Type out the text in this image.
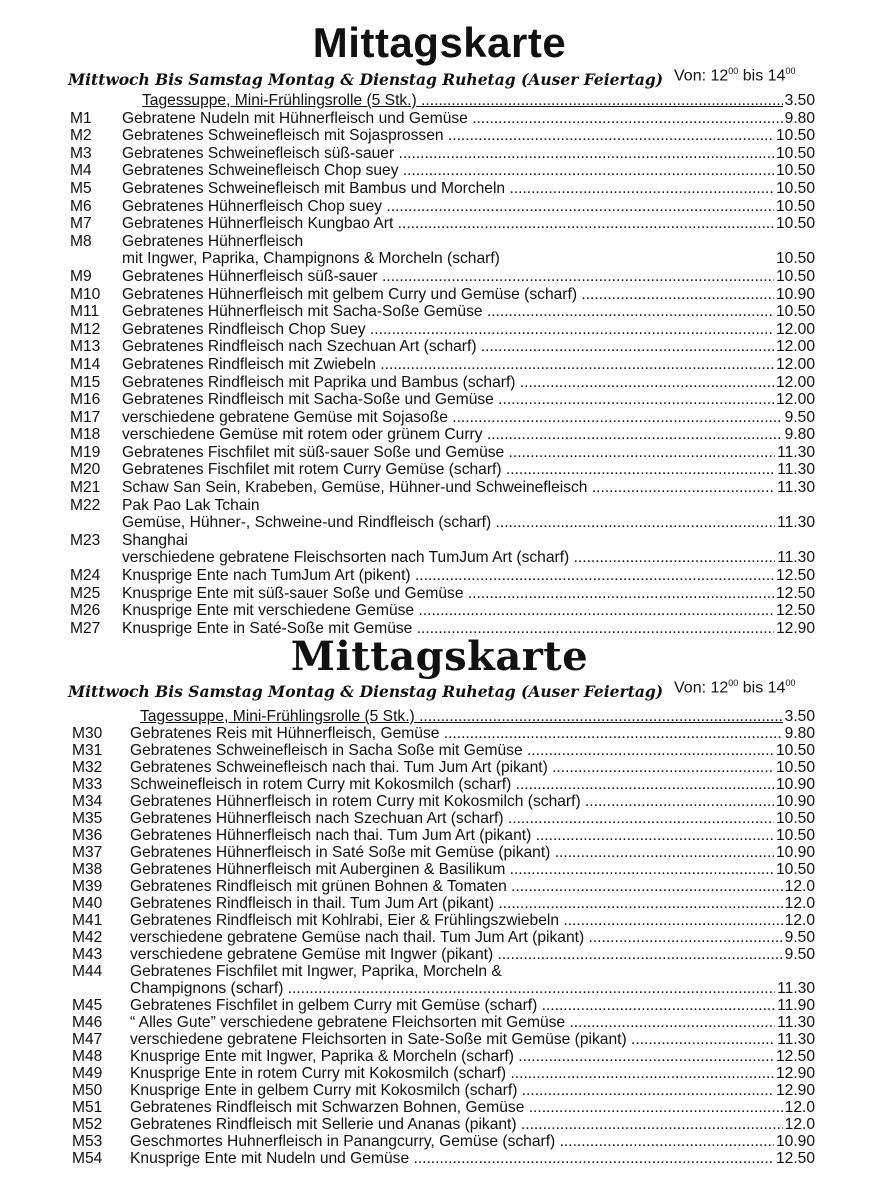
Mittagskarte
Mittwoch Bis Samstag Montag & Dienstag Ruhetag (Auser Feiertag) Von: $12^{00}$ bis $14^{00}$
Tagessuppe, Mini-Frühlingsrolle (5 Stk.) .....	3.50
M1 Gebratene Nudeln mit Hühnerfleisch und Gemüse .....	9.80
M2 Gebratenes Schweinefleisch mit Sojasprossen .....	10.50
M3 Gebratenes Schweinefleisch süß-sauer .....	10.50
M4 Gebratenes Schweinefleisch Chop suey .....	10.50
M5 Gebratenes Schweinefleisch mit Bambus und Morcheln .....	10.50
M6 Gebratenes Hühnerfleisch Chop suey .....	10.50
M7 Gebratenes Hühnerfleisch Kungbao Art .....	10.50
M8 Gebratenes Hühnerfleisch
mit Ingwer, Paprika, Champignons & Morcheln (scharf)	10.50
M9 Gebratenes Hühnerfleisch süß-sauer .....	10.50
M10 Gebratenes Hühnerfleisch mit gelbem Curry und Gemüse (scharf) .....	10.90
M11 Gebratenes Hühnerfleisch mit Sacha-Soße Gemüse .....	10.50
M12 Gebratenes Rindfleisch Chop Suey .....	12.00
M13 Gebratenes Rindfleisch nach Szechuan Art (scharf) .....	12.00
M14 Gebratenes Rindfleisch mit Zwiebeln .....	12.00
M15 Gebratenes Rindfleisch mit Paprika und Bambus (scharf) .....	12.00
M16 Gebratenes Rindfleisch mit Sacha-Soße und Gemüse .....	12.00
M17 verschiedene gebratene Gemüse mit Sojasoße .....	9.50
M18 verschiedene Gemüse mit rotem oder grünem Curry .....	9.80
M19 Gebratenes Fischfilet mit süß-sauer Soße und Gemüse .....	11.30
M20 Gebratenes Fischfilet mit rotem Curry Gemüse (scharf) .....	11.30
M21 Schaw San Sein, Krabeben, Gemüse, Hühner-und Schweinefleisch .....	11.30
M22 Pak Pao Lak Tchain
Gemüse, Hühner-, Schweine-und Rindfleisch (scharf) .....	11.30
M23 Shanghai
verschiedene gebratene Fleischsorten nach TumJum Art (scharf) .....	11.30
M24 Knusprige Ente nach TumJum Art (pikent) .....	12.50
M25 Knusprige Ente mit süß-sauer Soße und Gemüse .....	12.50
M26 Knusprige Ente mit verschiedene Gemüse .....	12.50
M27 Knusprige Ente in Saté-Soße mit Gemüse .....	12.90
Mittagskarte
Mittwoch Bis Samstag Montag & Dienstag Ruhetag (Auser Feiertag) Von: $12^{00}$ bis $14^{00}$
Tagessuppe, Mini-Frühlingsrolle (5 Stk.) .....	3.50
M30 Gebratenes Reis mit Hühnerfleisch, Gemüse .....	9.80
M31 Gebratenes Schweinefleisch in Sacha Soße mit Gemüse .....	10.50
M32 Gebratenes Schweinefleisch nach thai. Tum Jum Art (pikant) .....	10.50
M33 Schweinefleisch in rotem Curry mit Kokosmilch (scharf) .....	10.90
M34 Gebratenes Hühnerfleisch in rotem Curry mit Kokosmilch (scharf) .....	10.90
M35 Gebratenes Hühnerfleisch nach Szechuan Art (scharf) .....	10.50
M36 Gebratenes Hühnerfleisch nach thai. Tum Jum Art (pikant) .....	10.50
M37 Gebratenes Hühnerfleisch in Saté Soße mit Gemüse (pikant) .....	10.90
M38 Gebratenes Hühnerfleisch mit Auberginen & Basilikum .....	10.50
M39 Gebratenes Rindfleisch mit grünen Bohnen & Tomaten .....	12.0
M40 Gebratenes Rindfleisch in thail. Tum Jum Art (pikant) .....	12.0
M41 Gebratenes Rindfleisch mit Kohlrabi, Eier & Frühlingszwiebeln .....	12.0
M42 verschiedene gebratene Gemüse nach thail. Tum Jum Art (pikant) .....	9.50
M43 verschiedene gebratene Gemüse mit Ingwer (pikant) .....	9.50
M44 Gebratenes Fischfilet mit Ingwer, Paprika, Morcheln &
Champignons (scharf) .....	11.30
M45 Gebratenes Fischfilet in gelbem Curry mit Gemüse (scharf) .....	11.90
M46 “ Alles Gute” verschiedene gebratene Fleichsorten mit Gemüse .....	11.30
M47 verschiedene gebratene Fleichsorten in Sate-Soße mit Gemüse (pikant) .....	11.30
M48 Knusprige Ente mit Ingwer, Paprika & Morcheln (scharf) .....	12.50
M49 Knusprige Ente in rotem Curry mit Kokosmilch (scharf) .....	12.90
M50 Knusprige Ente in gelbem Curry mit Kokosmilch (scharf) .....	12.90
M51 Gebratenes Rindfleisch mit Schwarzen Bohnen, Gemüse .....	12.0
M52 Gebratenes Rindfleisch mit Sellerie und Ananas (pikant) .....	12.0
M53 Geschmortes Huhnerfleisch in Panangcurry, Gemüse (scharf) .....	10.90
M54 Knusprige Ente mit Nudeln und Gemüse .....	12.50
